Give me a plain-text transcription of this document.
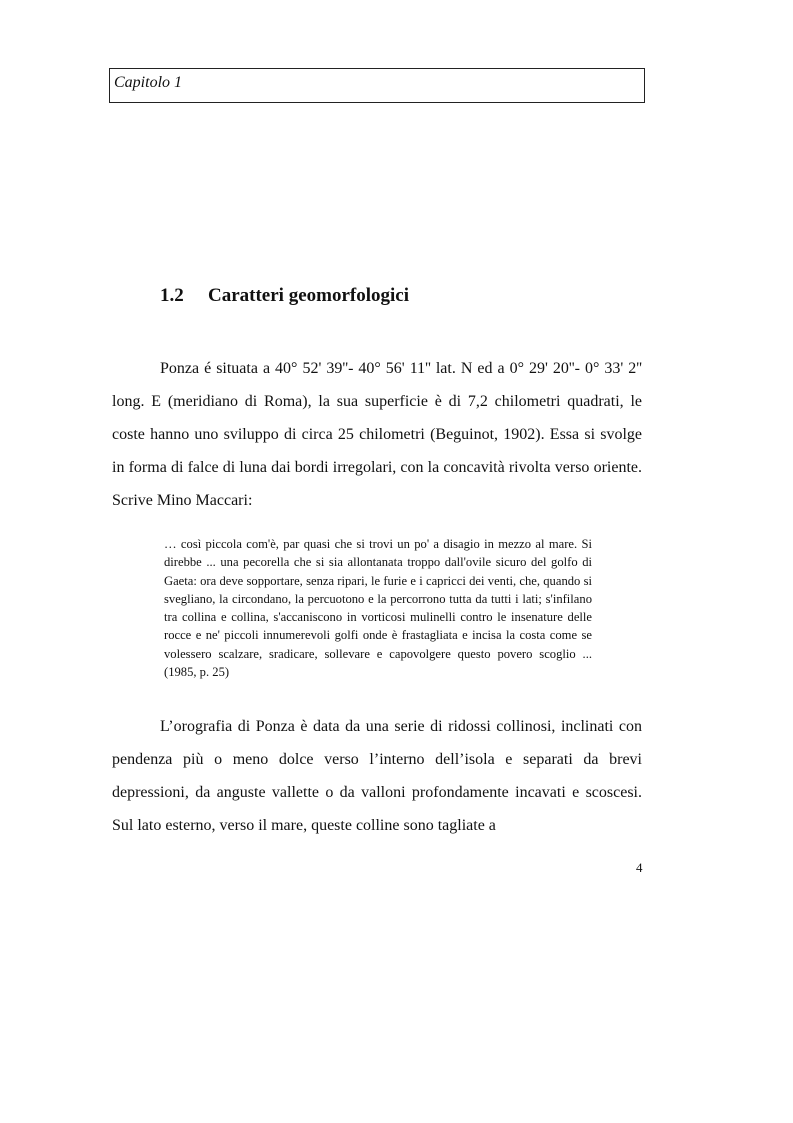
Capitolo 1
1.2 Caratteri geomorfologici

Ponza é situata a 40° 52' 39''- 40° 56' 11'' lat. N ed a 0° 29' 20''- 0° 33' 2'' long. E (meridiano di Roma), la sua superficie è di 7,2 chilometri quadrati, le coste hanno uno sviluppo di circa 25 chilometri (Beguinot, 1902). Essa si svolge in forma di falce di luna dai bordi irregolari, con la concavità rivolta verso oriente. Scrive Mino Maccari:

… così piccola com'è, par quasi che si trovi un po' a disagio in mezzo al mare. Si direbbe ... una pecorella che si sia allontanata troppo dall'ovile sicuro del golfo di Gaeta: ora deve sopportare, senza ripari, le furie e i capricci dei venti, che, quando si svegliano, la circondano, la percuotono e la percorrono tutta da tutti i lati; s'infilano tra collina e collina, s'accaniscono in vorticosi mulinelli contro le insenature delle rocce e ne' piccoli innumerevoli golfi onde è frastagliata e incisa la costa come se volessero scalzare, sradicare, sollevare e capovolgere questo povero scoglio ... (1985, p. 25)

L’orografia di Ponza è data da una serie di ridossi collinosi, inclinati con pendenza più o meno dolce verso l’interno dell’isola e separati da brevi depressioni, da anguste vallette o da valloni profondamente incavati e scoscesi. Sul lato esterno, verso il mare, queste colline sono tagliate a

4
